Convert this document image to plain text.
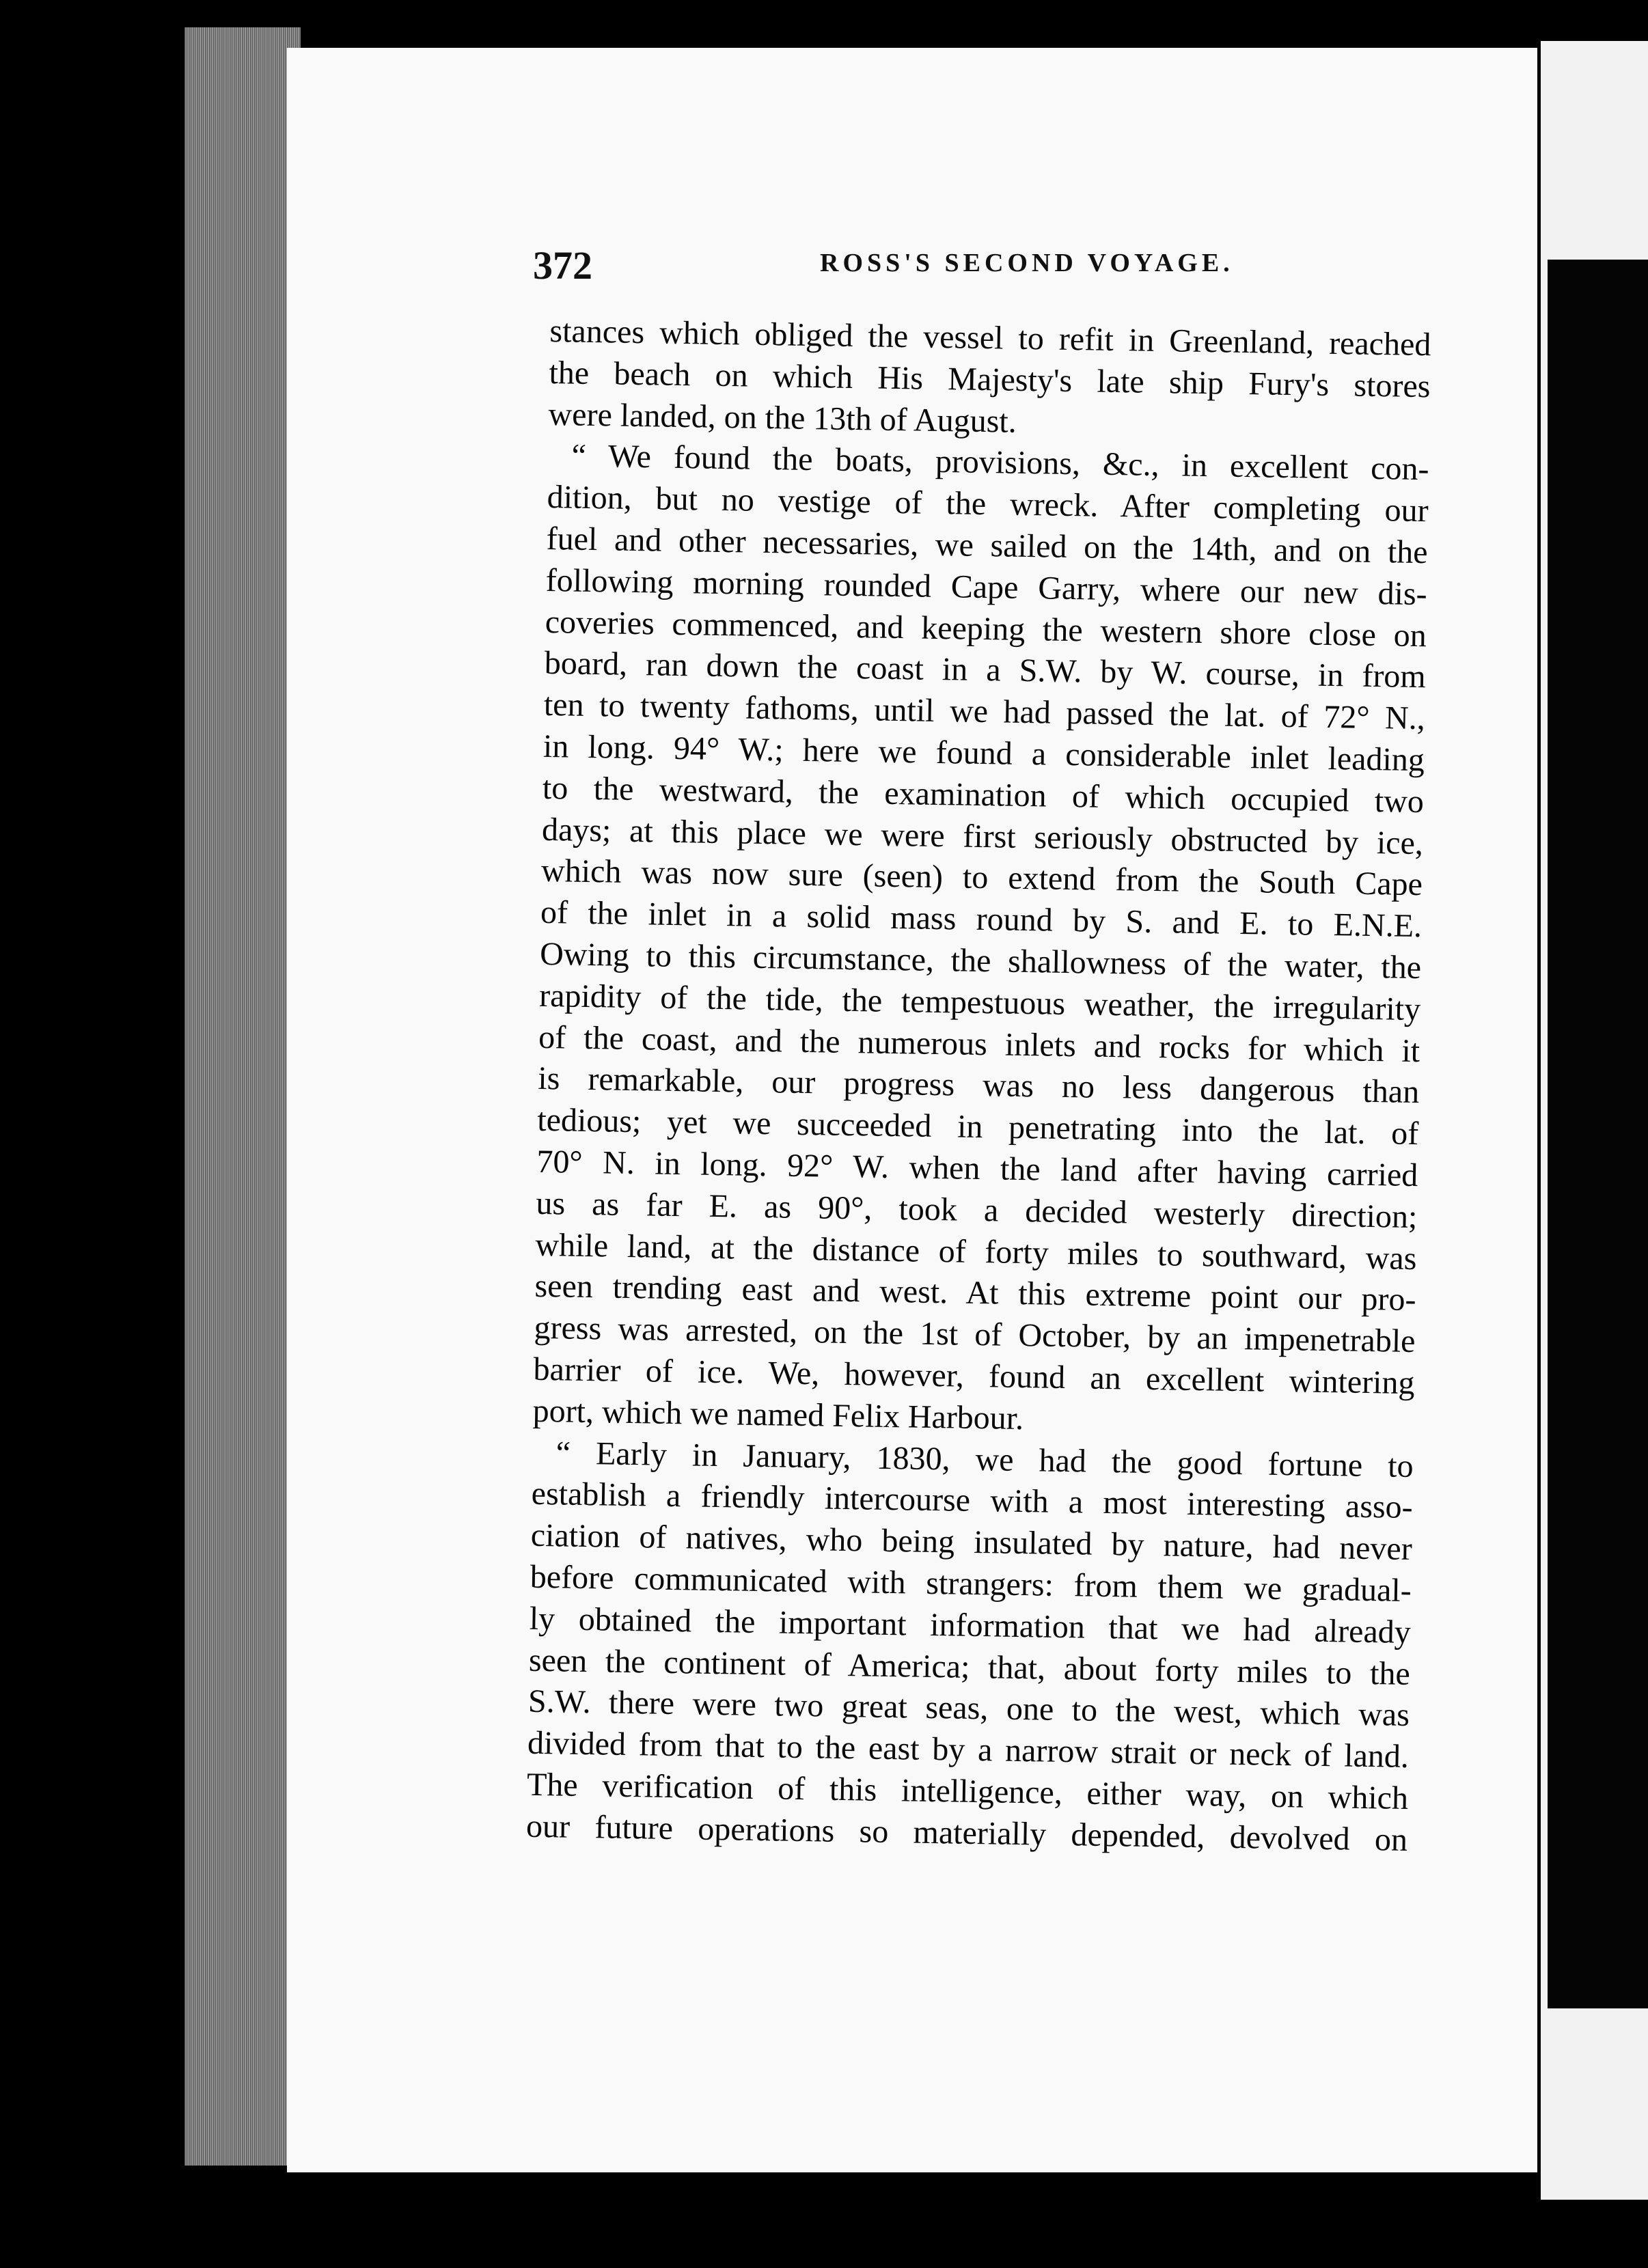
372	ROSS'S SECOND VOYAGE.
stances which obliged the vessel to refit in Greenland, reached
the beach on which His Majesty's late ship Fury's stores
were landed, on the 13th of August.
“ We found the boats, provisions, &c., in excellent con-
dition, but no vestige of the wreck. After completing our
fuel and other necessaries, we sailed on the 14th, and on the
following morning rounded Cape Garry, where our new dis-
coveries commenced, and keeping the western shore close on
board, ran down the coast in a S.W. by W. course, in from
ten to twenty fathoms, until we had passed the lat. of 72° N.,
in long. 94° W.; here we found a considerable inlet leading
to the westward, the examination of which occupied two
days; at this place we were first seriously obstructed by ice,
which was now sure (seen) to extend from the South Cape
of the inlet in a solid mass round by S. and E. to E.N.E.
Owing to this circumstance, the shallowness of the water, the
rapidity of the tide, the tempestuous weather, the irregularity
of the coast, and the numerous inlets and rocks for which it
is remarkable, our progress was no less dangerous than
tedious; yet we succeeded in penetrating into the lat. of
70° N. in long. 92° W. when the land after having carried
us as far E. as 90°, took a decided westerly direction;
while land, at the distance of forty miles to southward, was
seen trending east and west. At this extreme point our pro-
gress was arrested, on the 1st of October, by an impenetrable
barrier of ice. We, however, found an excellent wintering
port, which we named Felix Harbour.
“ Early in January, 1830, we had the good fortune to
establish a friendly intercourse with a most interesting asso-
ciation of natives, who being insulated by nature, had never
before communicated with strangers: from them we gradual-
ly obtained the important information that we had already
seen the continent of America; that, about forty miles to the
S.W. there were two great seas, one to the west, which was
divided from that to the east by a narrow strait or neck of land.
The verification of this intelligence, either way, on which
our future operations so materially depended, devolved on
